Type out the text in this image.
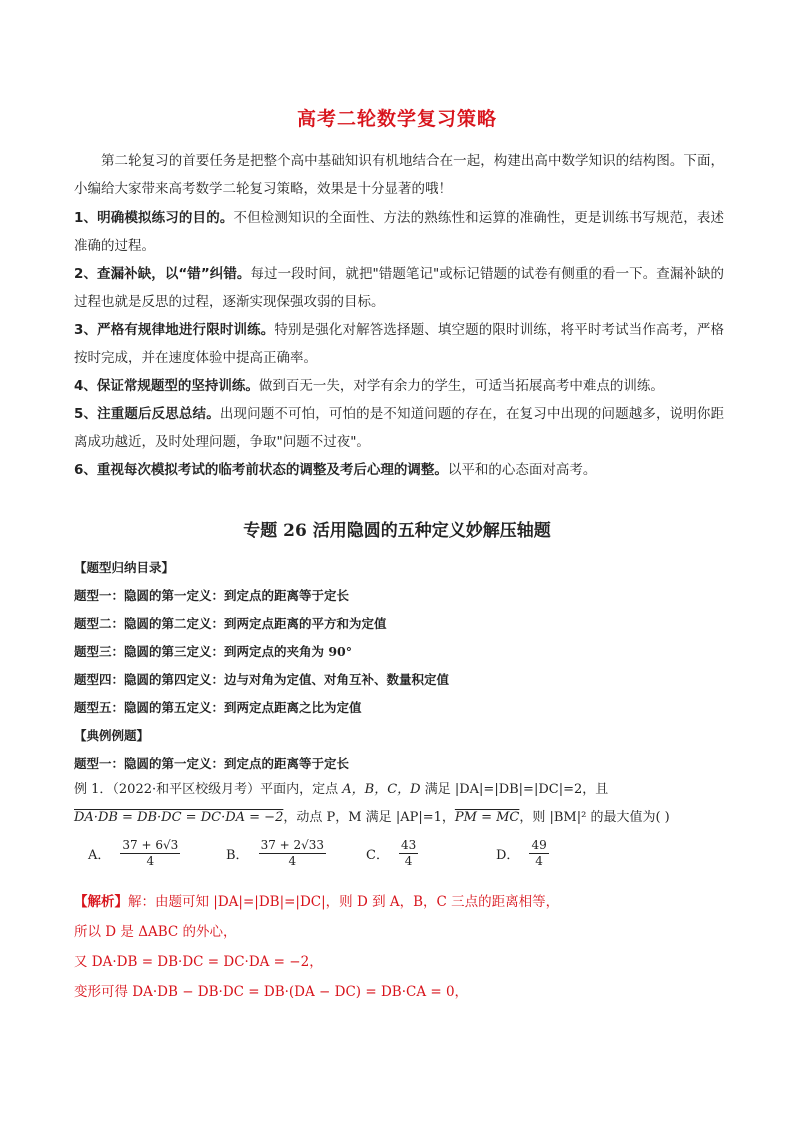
高考二轮数学复习策略
第二轮复习的首要任务是把整个高中基础知识有机地结合在一起，构建出高中数学知识的结构图。下面，小编给大家带来高考数学二轮复习策略，效果是十分显著的哦！
1、明确模拟练习的目的。不但检测知识的全面性、方法的熟练性和运算的准确性，更是训练书写规范，表述准确的过程。
2、查漏补缺，以“错”纠错。每过一段时间，就把"错题笔记"或标记错题的试卷有侧重的看一下。查漏补缺的过程也就是反思的过程，逐渐实现保强攻弱的目标。
3、严格有规律地进行限时训练。特别是强化对解答选择题、填空题的限时训练，将平时考试当作高考，严格按时完成，并在速度体验中提高正确率。
4、保证常规题型的坚持训练。做到百无一失，对学有余力的学生，可适当拓展高考中难点的训练。
5、注重题后反思总结。出现问题不可怕，可怕的是不知道问题的存在，在复习中出现的问题越多，说明你距离成功越近，及时处理问题，争取"问题不过夜"。
6、重视每次模拟考试的临考前状态的调整及考后心理的调整。以平和的心态面对高考。
专题 26 活用隐圆的五种定义妙解压轴题
【题型归纳目录】
题型一：隐圆的第一定义：到定点的距离等于定长
题型二：隐圆的第二定义：到两定点距离的平方和为定值
题型三：隐圆的第三定义：到两定点的夹角为 90°
题型四：隐圆的第四定义：边与对角为定值、对角互补、数量积定值
题型五：隐圆的第五定义：到两定点距离之比为定值
【典例例题】
题型一：隐圆的第一定义：到定点的距离等于定长
例 1．（2022·和平区校级月考）平面内，定点 A，B，C，D 满足 |DA|=|DB|=|DC|=2，且
DA·DB = DB·DC = DC·DA = −2，动点 P，M 满足 |AP|=1，PM = MC，则 |BM|² 的最大值为( )
A． $\frac{37 + 6√3}{4}$	B． $\frac{37 + 2√33}{4}$	C． $\frac{43}{4}$	D． $\frac{49}{4}$
【解析】解：由题可知 |DA|=|DB|=|DC|，则 D 到 A，B，C 三点的距离相等，
所以 D 是 ΔABC 的外心，
又 DA·DB = DB·DC = DC·DA = −2，
变形可得 DA·DB − DB·DC = DB·(DA − DC) = DB·CA = 0，
